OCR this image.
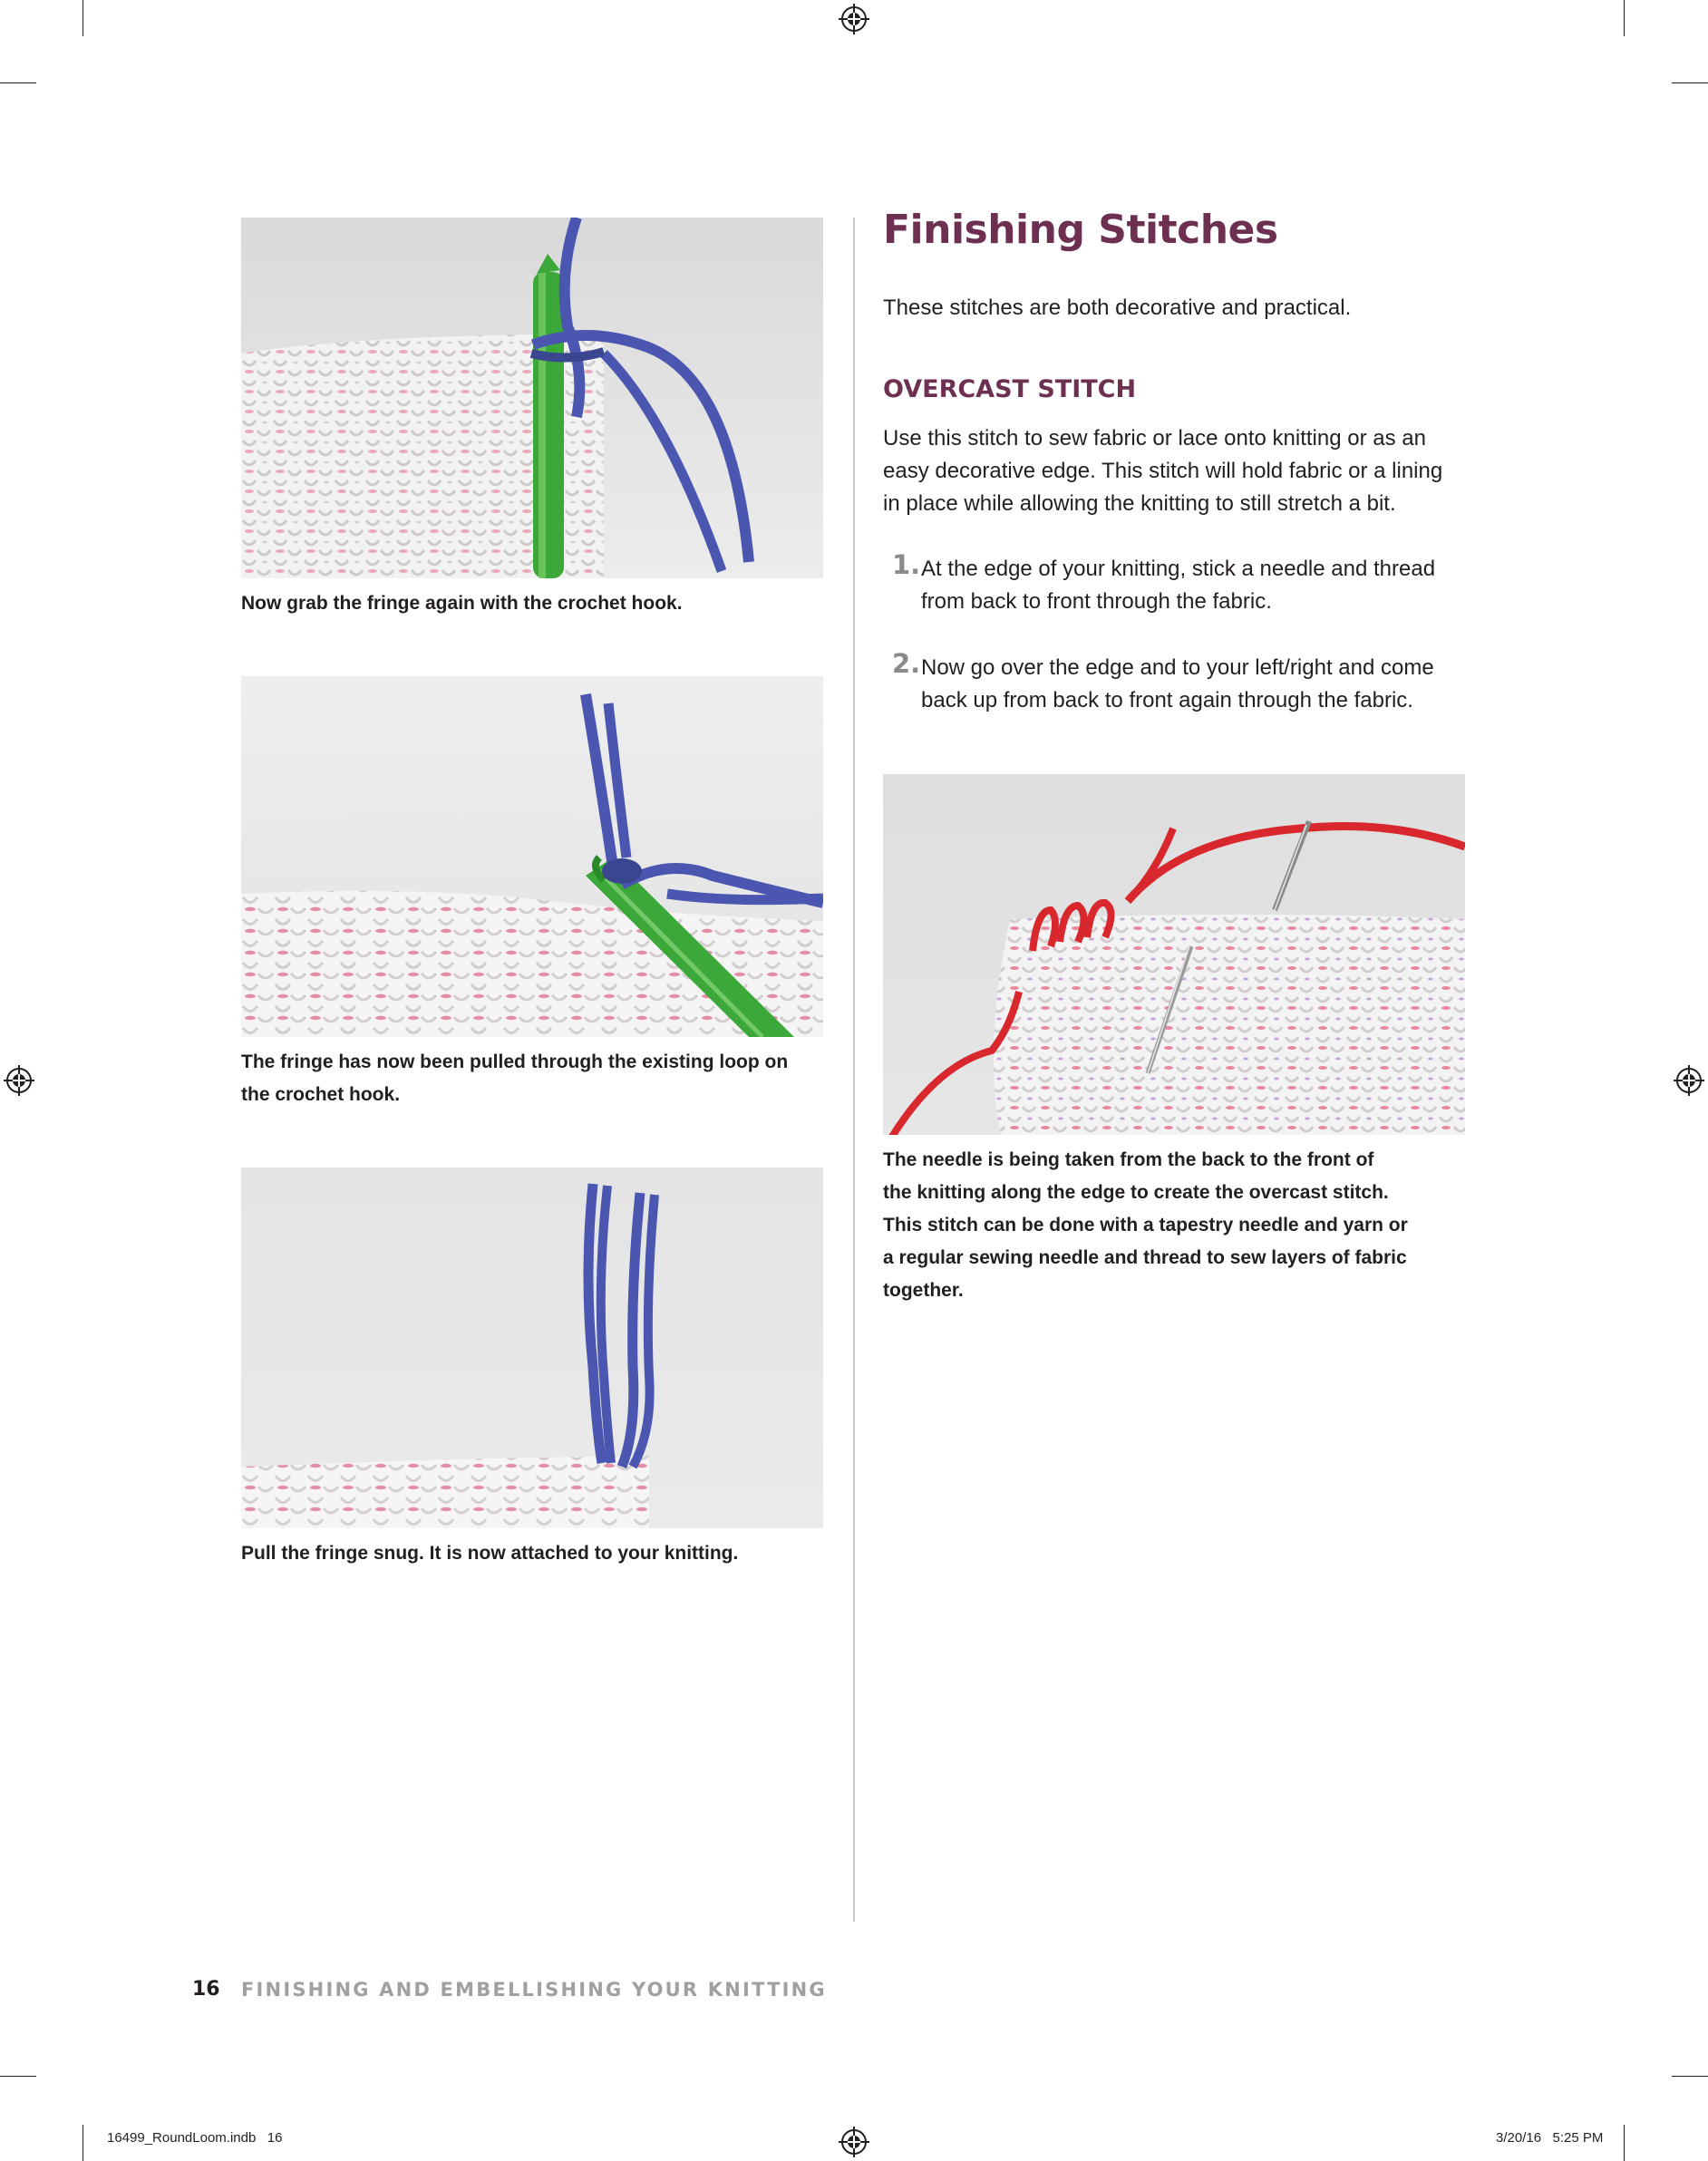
Now grab the fringe again with the crochet hook.
The fringe has now been pulled through the existing loop on
the crochet hook.
Pull the fringe snug. It is now attached to your knitting.
Finishing Stitches
These stitches are both decorative and practical.
OVERCAST STITCH
Use this stitch to sew fabric or lace onto knitting or as an
easy decorative edge. This stitch will hold fabric or a lining
in place while allowing the knitting to still stretch a bit.
1. At the edge of your knitting, stick a needle and thread
from back to front through the fabric.
2. Now go over the edge and to your left/right and come
back up from back to front again through the fabric.
The needle is being taken from the back to the front of
the knitting along the edge to create the overcast stitch.
This stitch can be done with a tapestry needle and yarn or
a regular sewing needle and thread to sew layers of fabric
together.
16 FINISHING AND EMBELLISHING YOUR KNITTING
16499_RoundLoom.indb   16	3/20/16   5:25 PM
